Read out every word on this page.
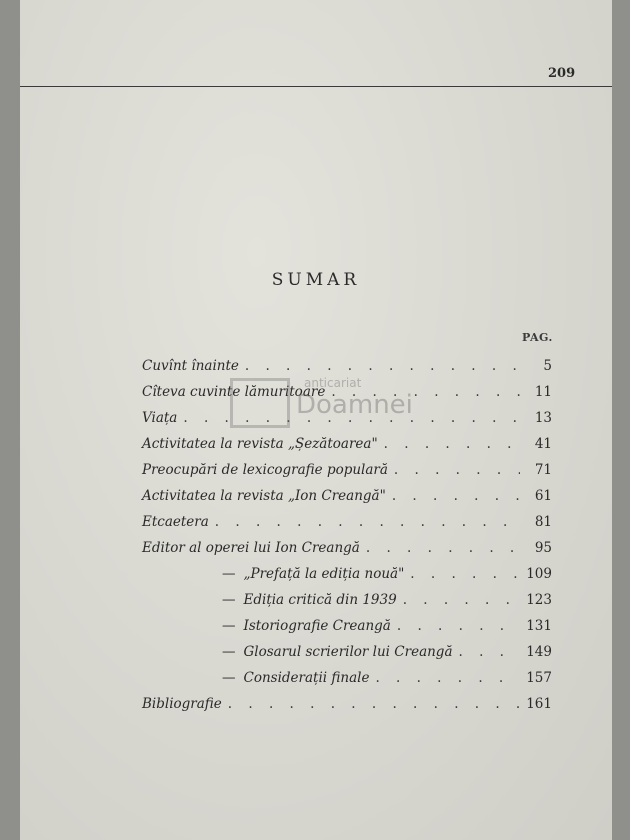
209
SUMAR
PAG.
Cuvînt înainte . . .	5
Cîteva cuvinte lămuritoare . . .	11
Viața . . .	13
Activitatea la revista „Șezătoarea" . . .	41
Preocupări de lexicografie populară . . .	71
Activitatea la revista „Ion Creangă" . . .	61
Etcaetera . . .	81
Editor al operei lui Ion Creangă . . .	95
— „Prefață la ediția nouă" . . .	109
— Ediția critică din 1939 . . .	123
— Istoriografie Creangă . . .	131
— Glosarul scrierilor lui Creangă . . .	149
— Considerații finale . . .	157
Bibliografie . . .	161
anticariat
Doamnei
